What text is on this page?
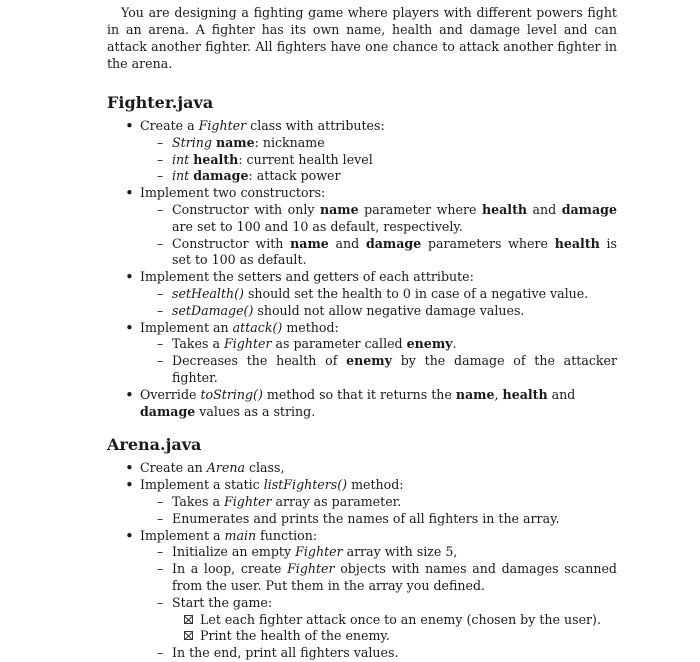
You are designing a fighting game where players with different powers fight in an arena. A fighter has its own name, health and damage level and can attack another fighter. All fighters have one chance to attack another fighter in the arena.

Fighter.java
• Create a Fighter class with attributes:
– String name: nickname
– int health: current health level
– int damage: attack power
• Implement two constructors:
– Constructor with only name parameter where health and damage are set to 100 and 10 as default, respectively.
– Constructor with name and damage parameters where health is set to 100 as default.
• Implement the setters and getters of each attribute:
– setHealth() should set the health to 0 in case of a negative value.
– setDamage() should not allow negative damage values.
• Implement an attack() method:
– Takes a Fighter as parameter called enemy.
– Decreases the health of enemy by the damage of the attacker fighter.
• Override toString() method so that it returns the name, health and damage values as a string.
Arena.java
• Create an Arena class,
• Implement a static listFighters() method:
– Takes a Fighter array as parameter.
– Enumerates and prints the names of all fighters in the array.
• Implement a main function:
– Initialize an empty Fighter array with size 5,
– In a loop, create Fighter objects with names and damages scanned from the user. Put them in the array you defined.
– Start the game:
Let each fighter attack once to an enemy (chosen by the user).
Print the health of the enemy.
– In the end, print all fighters values.
